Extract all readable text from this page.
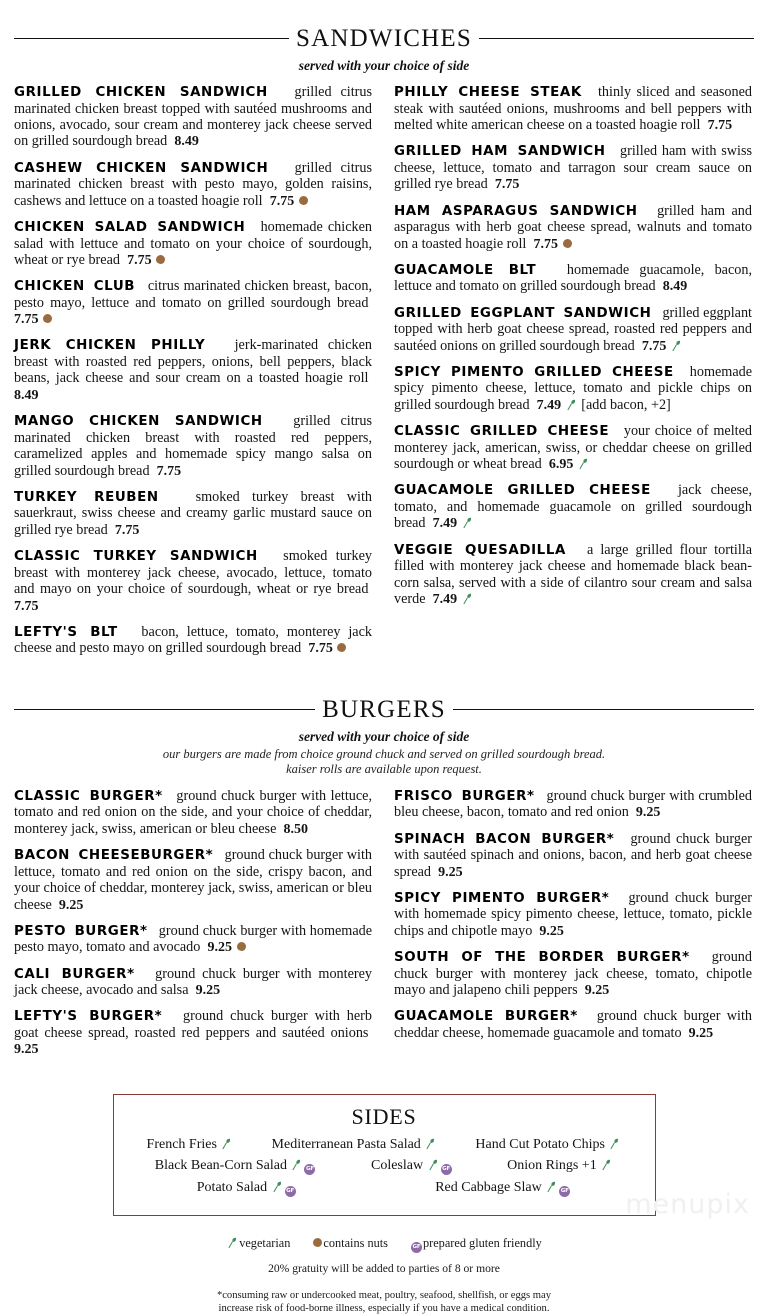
SANDWICHES
served with your choice of side

GRILLED CHICKEN SANDWICH grilled citrus marinated chicken breast topped with sautéed mushrooms and onions, avocado, sour cream and monterey jack cheese served on grilled sourdough bread 8.49

CASHEW CHICKEN SANDWICH grilled citrus marinated chicken breast with pesto mayo, golden raisins, cashews and lettuce on a toasted hoagie roll 7.75

CHICKEN SALAD SANDWICH homemade chicken salad with lettuce and tomato on your choice of sourdough, wheat or rye bread 7.75

CHICKEN CLUB citrus marinated chicken breast, bacon, pesto mayo, lettuce and tomato on grilled sourdough bread  7.75

JERK CHICKEN PHILLY jerk-marinated chicken breast with roasted red peppers, onions, bell peppers, black beans, jack cheese and sour cream on a toasted hoagie roll  8.49

MANGO CHICKEN SANDWICH grilled citrus marinated chicken breast with roasted red peppers, caramelized apples and homemade spicy mango salsa on grilled sourdough bread 7.75

TURKEY REUBEN	smoked turkey breast with sauerkraut, swiss cheese and creamy garlic mustard sauce on grilled rye bread 7.75

CLASSIC TURKEY SANDWICH smoked turkey breast with monterey jack cheese, avocado, lettuce, tomato and mayo on your choice of sourdough, wheat or rye bread  7.75

LEFTY'S BLT bacon, lettuce, tomato, monterey jack cheese and pesto mayo on grilled sourdough bread 7.75

PHILLY CHEESE STEAK thinly sliced and seasoned steak with sautéed onions, mushrooms and bell peppers with melted white american cheese on a toasted hoagie roll 7.75

GRILLED HAM SANDWICH grilled ham with swiss cheese, lettuce, tomato and tarragon sour cream sauce on grilled rye bread 7.75

HAM ASPARAGUS SANDWICH grilled ham and asparagus with herb goat cheese spread, walnuts and tomato on a toasted hoagie roll 7.75

GUACAMOLE BLT homemade guacamole, bacon, lettuce and tomato on grilled sourdough bread 8.49

GRILLED EGGPLANT SANDWICH grilled eggplant topped with herb goat cheese spread, roasted red peppers and sautéed onions on grilled sourdough bread 7.75

SPICY PIMENTO GRILLED CHEESE homemade spicy pimento cheese, lettuce, tomato and pickle chips on grilled sourdough bread 7.49 [add bacon, +2]

CLASSIC GRILLED CHEESE your choice of melted monterey jack, american, swiss, or cheddar cheese on grilled sourdough or wheat bread 6.95

GUACAMOLE GRILLED CHEESE jack cheese, tomato, and homemade guacamole on grilled sourdough bread 7.49

VEGGIE QUESADILLA a large grilled flour tortilla filled with monterey jack cheese and homemade black bean-corn salsa, served with a side of cilantro sour cream and salsa verde 7.49

BURGERS
served with your choice of side
our burgers are made from choice ground chuck and served on grilled sourdough bread.
kaiser rolls are available upon request.

CLASSIC BURGER* ground chuck burger with lettuce, tomato and red onion on the side, and your choice of cheddar, monterey jack, swiss, american or bleu cheese 8.50

BACON CHEESEBURGER* ground chuck burger with lettuce, tomato and red onion on the side, crispy bacon, and your choice of cheddar, monterey jack, swiss, american or bleu cheese 9.25

PESTO BURGER* ground chuck burger with homemade pesto mayo, tomato and avocado 9.25

CALI BURGER* ground chuck burger with monterey jack cheese, avocado and salsa 9.25

LEFTY'S BURGER* ground chuck burger with herb goat cheese spread, roasted red peppers and sautéed onions  9.25

FRISCO BURGER* ground chuck burger with crumbled bleu cheese, bacon, tomato and red onion 9.25

SPINACH BACON BURGER* ground chuck burger with sautéed spinach and onions, bacon, and herb goat cheese spread 9.25

SPICY PIMENTO BURGER* ground chuck burger with homemade spicy pimento cheese, lettuce, tomato, pickle chips and chipotle mayo 9.25

SOUTH OF THE BORDER BURGER* ground chuck burger with monterey jack cheese, tomato, chipotle mayo and jalapeno chili peppers 9.25

GUACAMOLE BURGER* ground chuck burger with cheddar cheese, homemade guacamole and tomato 9.25

SIDES
French Fries	Mediterranean Pasta Salad	Hand Cut Potato Chips
Black Bean-Corn Salad	GF	Coleslaw	GF	Onion Rings +1
Potato Salad	GF	Red Cabbage Slaw	GF
vegetarian	contains nuts	GF prepared gluten friendly
20% gratuity will be added to parties of 8 or more
*consuming raw or undercooked meat, poultry, seafood, shellfish, or eggs may
increase risk of food-borne illness, especially if you have a medical condition.
menupix
